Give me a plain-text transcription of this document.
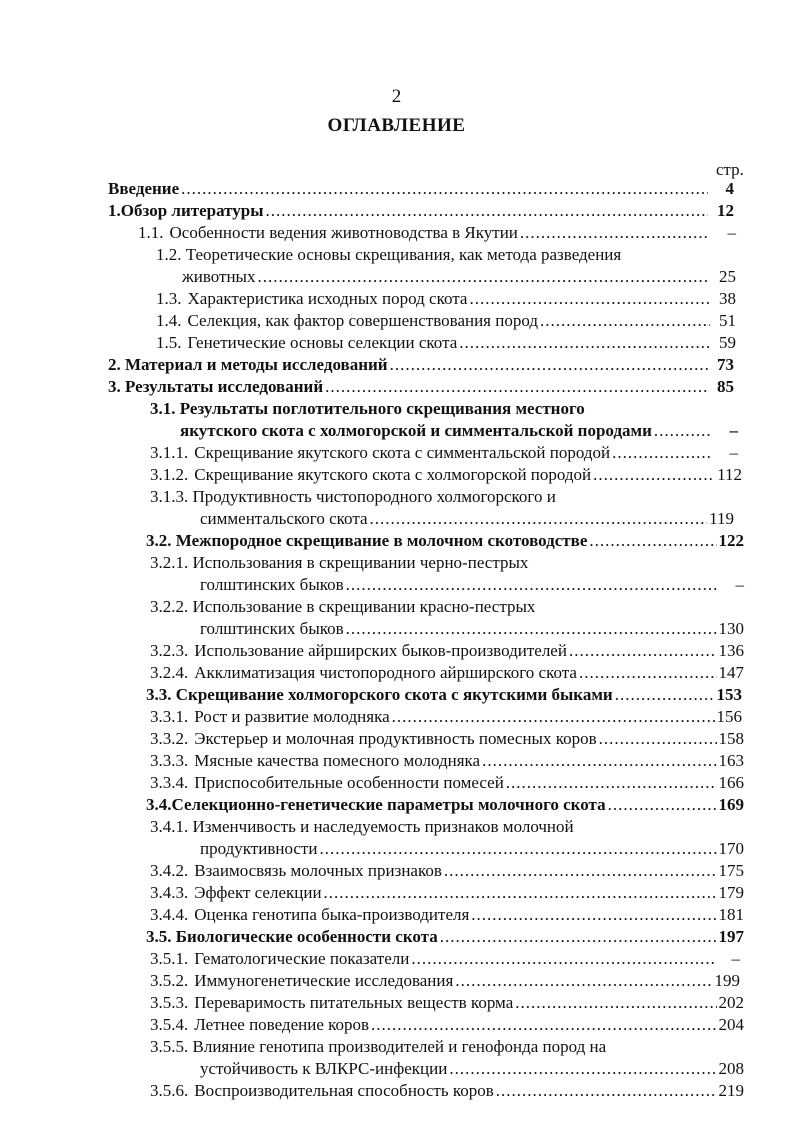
2
ОГЛАВЛЕНИЕ
стр.
Введение .....	4
1.Обзор литературы .....	12
1.1. Особенности ведения животноводства в Якутии .....	–
1.2. Теоретические основы скрещивания, как метода разведения
животных .....	25
1.3. Характеристика исходных пород скота .....	38
1.4. Селекция, как фактор совершенствования пород .....	51
1.5. Генетические основы селекции скота .....	59
2. Материал и методы исследований .....	73
3. Результаты исследований .....	85
3.1. Результаты поглотительного скрещивания местного
якутского скота с холмогорской и симментальской породами .....	–
3.1.1. Скрещивание якутского скота с симментальской породой .....	–
3.1.2. Скрещивание якутского скота с холмогорской породой .....	112
3.1.3. Продуктивность чистопородного холмогорского и
симментальского скота .....	119
3.2. Межпородное скрещивание в молочном скотоводстве .....	122
3.2.1. Использования в скрещивании черно-пестрых
голштинских быков .....	–
3.2.2. Использование в скрещивании красно-пестрых
голштинских быков .....	130
3.2.3. Использование айрширских быков-производителей .....	136
3.2.4. Акклиматизация чистопородного айрширского скота .....	147
3.3. Скрещивание холмогорского скота с якутскими быками .....	153
3.3.1. Рост и развитие молодняка .....	156
3.3.2. Экстерьер и молочная продуктивность помесных коров .....	158
3.3.3. Мясные качества помесного молодняка .....	163
3.3.4. Приспособительные особенности помесей .....	166
3.4.Селекционно-генетические параметры молочного скота .....	169
3.4.1. Изменчивость и наследуемость признаков молочной
продуктивности .....	170
3.4.2. Взаимосвязь молочных признаков .....	175
3.4.3. Эффект селекции .....	179
3.4.4. Оценка генотипа быка-производителя .....	181
3.5. Биологические особенности скота .....	197
3.5.1. Гематологические показатели .....	–
3.5.2. Иммуногенетические исследования .....	199
3.5.3. Переваримость питательных веществ корма .....	202
3.5.4. Летнее поведение коров .....	204
3.5.5. Влияние генотипа производителей и генофонда пород на
устойчивость к ВЛКРС-инфекции .....	208
3.5.6. Воспроизводительная способность коров .....	219
